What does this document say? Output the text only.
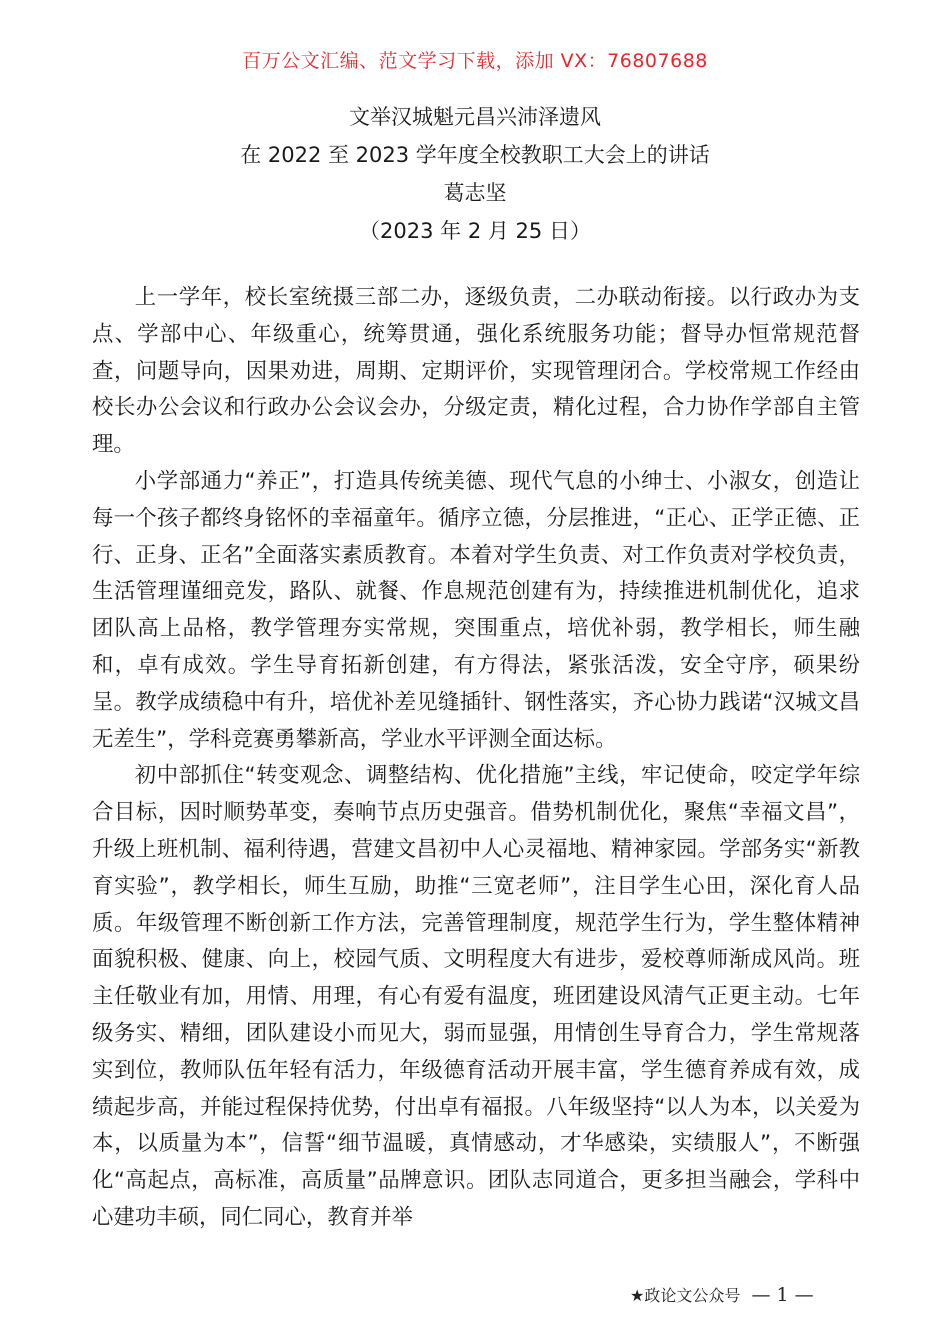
百万公文汇编、范文学习下载，添加 VX：76807688
文举汉城魁元昌兴沛泽遗风
在 2022 至 2023 学年度全校教职工大会上的讲话
葛志坚
（2023 年 2 月 25 日）

上一学年，校长室统摄三部二办，逐级负责，二办联动衔接。以行政办为支点、学部中心、年级重心，统筹贯通，强化系统服务功能；督导办恒常规范督查，问题导向，因果劝进，周期、定期评价，实现管理闭合。学校常规工作经由校长办公会议和行政办公会议会办，分级定责，精化过程，合力协作学部自主管理。

小学部通力“养正”，打造具传统美德、现代气息的小绅士、小淑女，创造让每一个孩子都终身铭怀的幸福童年。循序立德，分层推进，“正心、正学正德、正行、正身、正名”全面落实素质教育。本着对学生负责、对工作负责对学校负责，生活管理谨细竞发，路队、就餐、作息规范创建有为，持续推进机制优化，追求团队高上品格，教学管理夯实常规，突围重点，培优补弱，教学相长，师生融和，卓有成效。学生导育拓新创建，有方得法，紧张活泼，安全守序，硕果纷呈。教学成绩稳中有升，培优补差见缝插针、钢性落实，齐心协力践诺“汉城文昌无差生”，学科竞赛勇攀新高，学业水平评测全面达标。

初中部抓住“转变观念、调整结构、优化措施”主线，牢记使命，咬定学年综合目标，因时顺势革变，奏响节点历史强音。借势机制优化，聚焦“幸福文昌”，升级上班机制、福利待遇，营建文昌初中人心灵福地、精神家园。学部务实“新教育实验”，教学相长，师生互励，助推“三宽老师”，注目学生心田，深化育人品质。年级管理不断创新工作方法，完善管理制度，规范学生行为，学生整体精神面貌积极、健康、向上，校园气质、文明程度大有进步，爱校尊师渐成风尚。班主任敬业有加，用情、用理，有心有爱有温度，班团建设风清气正更主动。七年级务实、精细，团队建设小而见大，弱而显强，用情创生导育合力，学生常规落实到位，教师队伍年轻有活力，年级德育活动开展丰富，学生德育养成有效，成绩起步高，并能过程保持优势，付出卓有福报。八年级坚持“以人为本，以关爱为本，以质量为本”，信誓“细节温暖，真情感动，才华感染，实绩服人”，不断强化“高起点，高标准，高质量”品牌意识。团队志同道合，更多担当融会，学科中心建功丰硕，同仁同心，教育并举

★政论文公众号 — 1 —
